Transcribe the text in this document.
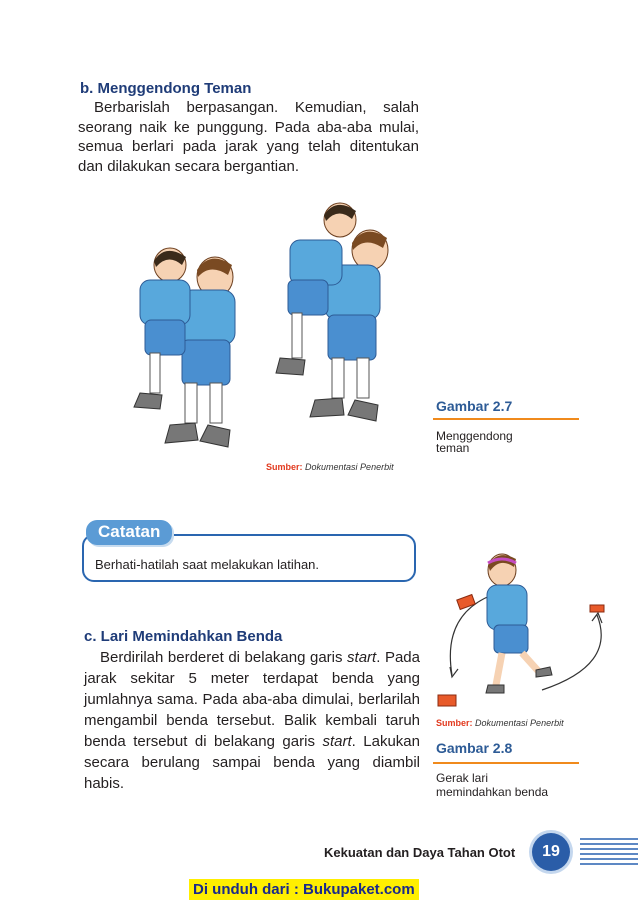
b. Menggendong Teman
Berbarislah berpasangan. Kemudian, salah seorang naik ke punggung. Pada aba-aba mulai, semua berlari pada jarak yang telah ditentukan dan dilakukan secara bergantian.
Sumber: Dokumentasi Penerbit
Gambar 2.7
Menggendong
teman
Catatan
Berhati-hatilah saat melakukan latihan.
Sumber: Dokumentasi Penerbit
Gambar 2.8
Gerak lari
memindahkan benda
c. Lari Memindahkan Benda
Berdirilah berderet di belakang garis start. Pada jarak sekitar 5 meter terdapat benda yang jumlahnya sama. Pada aba-aba dimulai, berlarilah mengambil benda tersebut. Balik kembali taruh benda tersebut di belakang garis start. Lakukan secara berulang sampai benda yang diambil habis.
Kekuatan dan Daya Tahan Otot	19
Di unduh dari : Bukupaket.com
